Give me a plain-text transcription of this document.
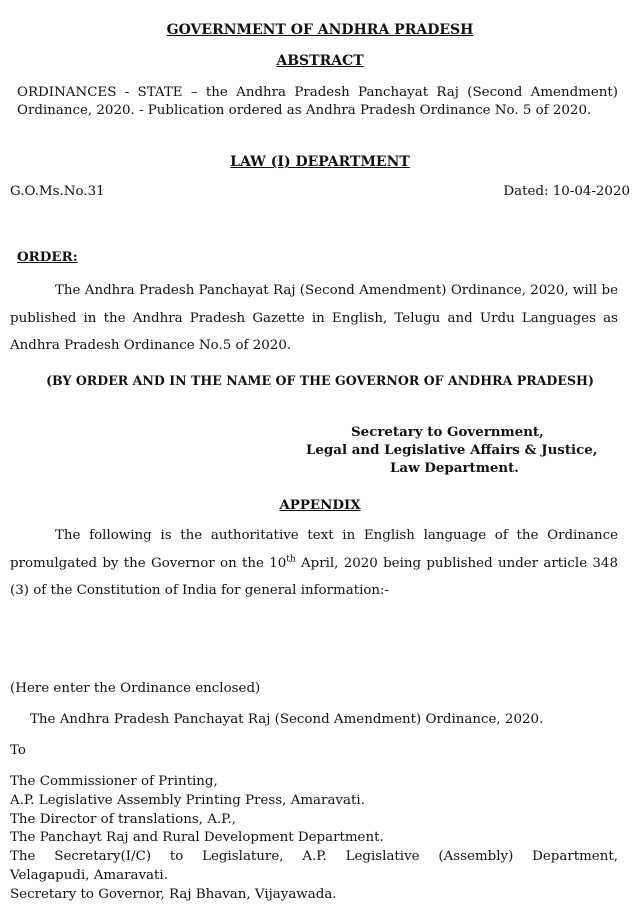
GOVERNMENT OF ANDHRA PRADESH
ABSTRACT
ORDINANCES - STATE – the Andhra Pradesh Panchayat Raj (Second Amendment) Ordinance, 2020. - Publication ordered as Andhra Pradesh Ordinance No. 5 of 2020.
LAW (I) DEPARTMENT
G.O.Ms.No.31	Dated: 10-04-2020
ORDER:

The Andhra Pradesh Panchayat Raj (Second Amendment) Ordinance, 2020, will be published in the Andhra Pradesh Gazette in English, Telugu and Urdu Languages as Andhra Pradesh Ordinance No.5 of 2020.

(BY ORDER AND IN THE NAME OF THE GOVERNOR OF ANDHRA PRADESH)
Secretary to Government,
Legal and Legislative Affairs & Justice,
Law Department.
APPENDIX

The following is the authoritative text in English language of the Ordinance promulgated by the Governor on the 10th April, 2020 being published under article 348 (3) of the Constitution of India for general information:-

(Here enter the Ordinance enclosed)
The Andhra Pradesh Panchayat Raj (Second Amendment) Ordinance, 2020.
To
The Commissioner of Printing,
A.P. Legislative Assembly Printing Press, Amaravati.
The Director of translations, A.P.,
The Panchayt Raj and Rural Development Department.
The Secretary(I/C) to Legislature, A.P. Legislative (Assembly) Department,
Velagapudi, Amaravati.
Secretary to Governor, Raj Bhavan, Vijayawada.
